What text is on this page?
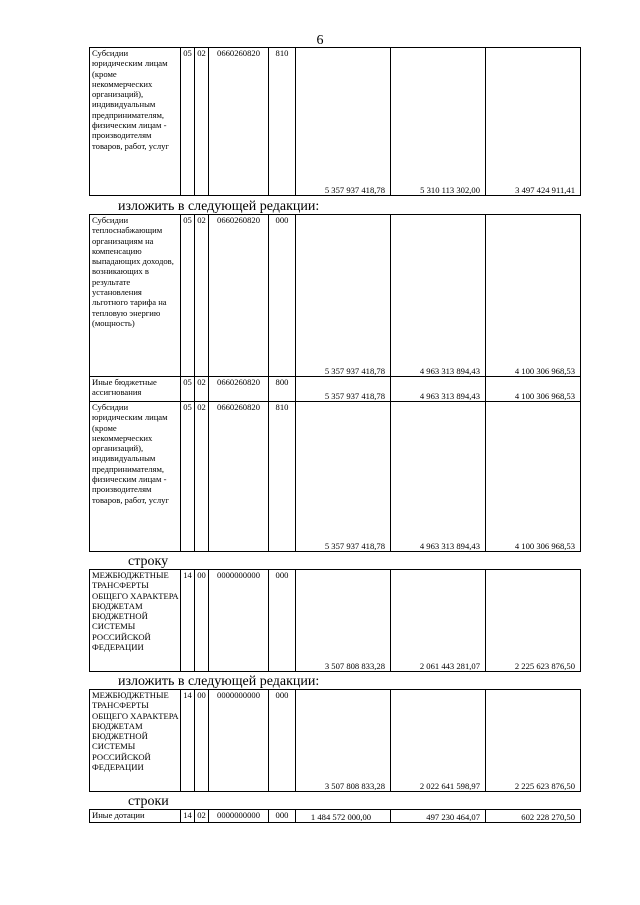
6
Субсидии юридическим лицам (кроме некоммерческих организаций), индивидуальным предпринимателям, физическим лицам - производителям товаров, работ, услуг	05	02	0660260820	810	5 357 937 418,78	5 310 113 302,00	3 497 424 911,41
изложить в следующей редакции:
Субсидии теплоснабжающим организациям на компенсацию выпадающих доходов, возникающих в результате установления льготного тарифа на тепловую энергию (мощность)	05	02	0660260820	000	5 357 937 418,78	4 963 313 894,43	4 100 306 968,53
Иные бюджетные ассигнования	05	02	0660260820	800	5 357 937 418,78	4 963 313 894,43	4 100 306 968,53
Субсидии юридическим лицам (кроме некоммерческих организаций), индивидуальным предпринимателям, физическим лицам - производителям товаров, работ, услуг	05	02	0660260820	810	5 357 937 418,78	4 963 313 894,43	4 100 306 968,53
строку
МЕЖБЮДЖЕТНЫЕ ТРАНСФЕРТЫ ОБЩЕГО ХАРАКТЕРА БЮДЖЕТАМ БЮДЖЕТНОЙ СИСТЕМЫ РОССИЙСКОЙ ФЕДЕРАЦИИ	14	00	0000000000	000	3 507 808 833,28	2 061 443 281,07	2 225 623 876,50
изложить в следующей редакции:
МЕЖБЮДЖЕТНЫЕ ТРАНСФЕРТЫ ОБЩЕГО ХАРАКТЕРА БЮДЖЕТАМ БЮДЖЕТНОЙ СИСТЕМЫ РОССИЙСКОЙ ФЕДЕРАЦИИ	14	00	0000000000	000	3 507 808 833,28	2 022 641 598,97	2 225 623 876,50
строки
Иные дотации	14	02	0000000000	000	1 484 572 000,00	497 230 464,07	602 228 270,50
